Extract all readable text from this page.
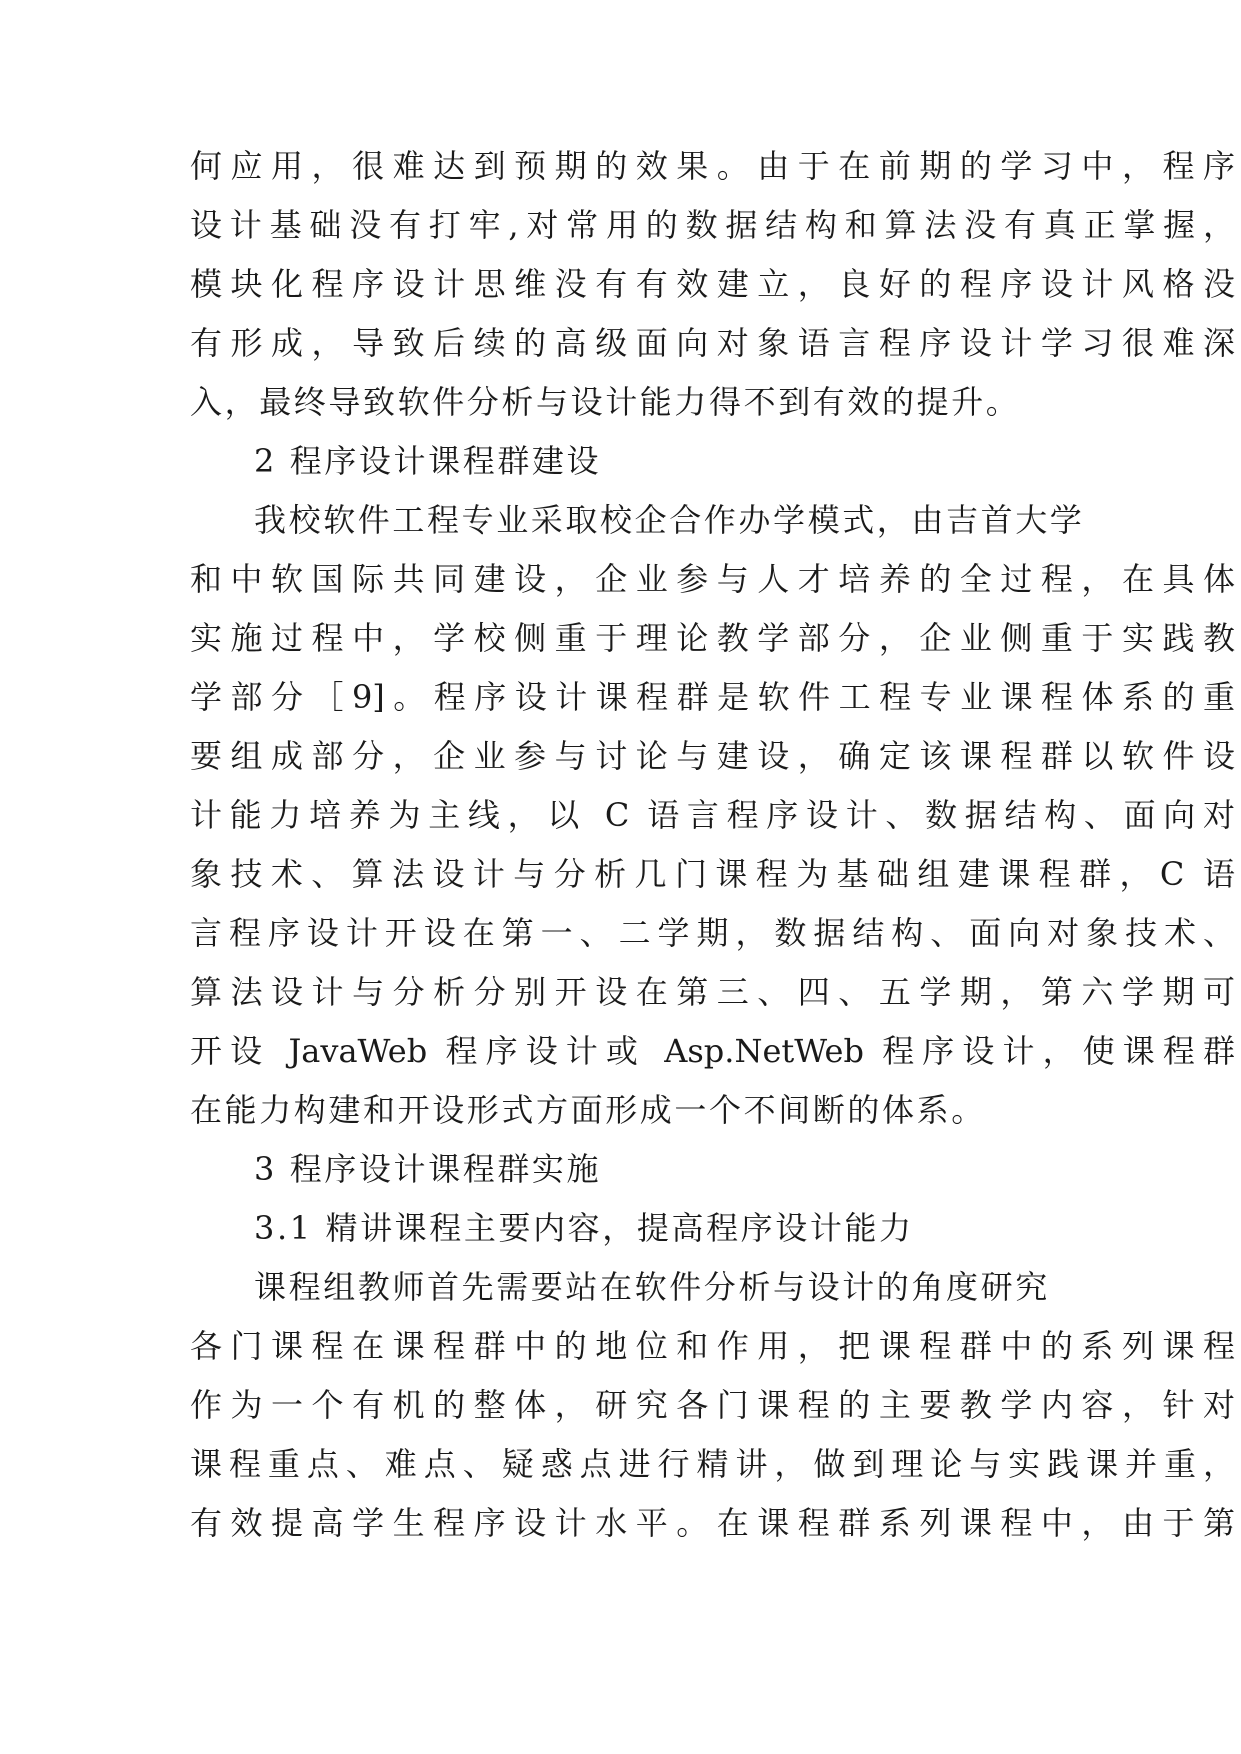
何应用，很难达到预期的效果。由于在前期的学习中，程序
设计基础没有打牢,对常用的数据结构和算法没有真正掌握，
模块化程序设计思维没有有效建立，良好的程序设计风格没
有形成，导致后续的高级面向对象语言程序设计学习很难深
入，最终导致软件分析与设计能力得不到有效的提升。
2 程序设计课程群建设
我校软件工程专业采取校企合作办学模式，由吉首大学
和中软国际共同建设，企业参与人才培养的全过程，在具体
实施过程中，学校侧重于理论教学部分，企业侧重于实践教
学部分［9]。程序设计课程群是软件工程专业课程体系的重
要组成部分，企业参与讨论与建设，确定该课程群以软件设
计能力培养为主线，以 C 语言程序设计、数据结构、面向对
象技术、算法设计与分析几门课程为基础组建课程群，C 语
言程序设计开设在第一、二学期，数据结构、面向对象技术、
算法设计与分析分别开设在第三、四、五学期，第六学期可
开设 JavaWeb 程序设计或 Asp.NetWeb 程序设计，使课程群
在能力构建和开设形式方面形成一个不间断的体系。
3 程序设计课程群实施
3.1 精讲课程主要内容，提高程序设计能力
课程组教师首先需要站在软件分析与设计的角度研究
各门课程在课程群中的地位和作用，把课程群中的系列课程
作为一个有机的整体，研究各门课程的主要教学内容，针对
课程重点、难点、疑惑点进行精讲，做到理论与实践课并重，
有效提高学生程序设计水平。在课程群系列课程中，由于第
